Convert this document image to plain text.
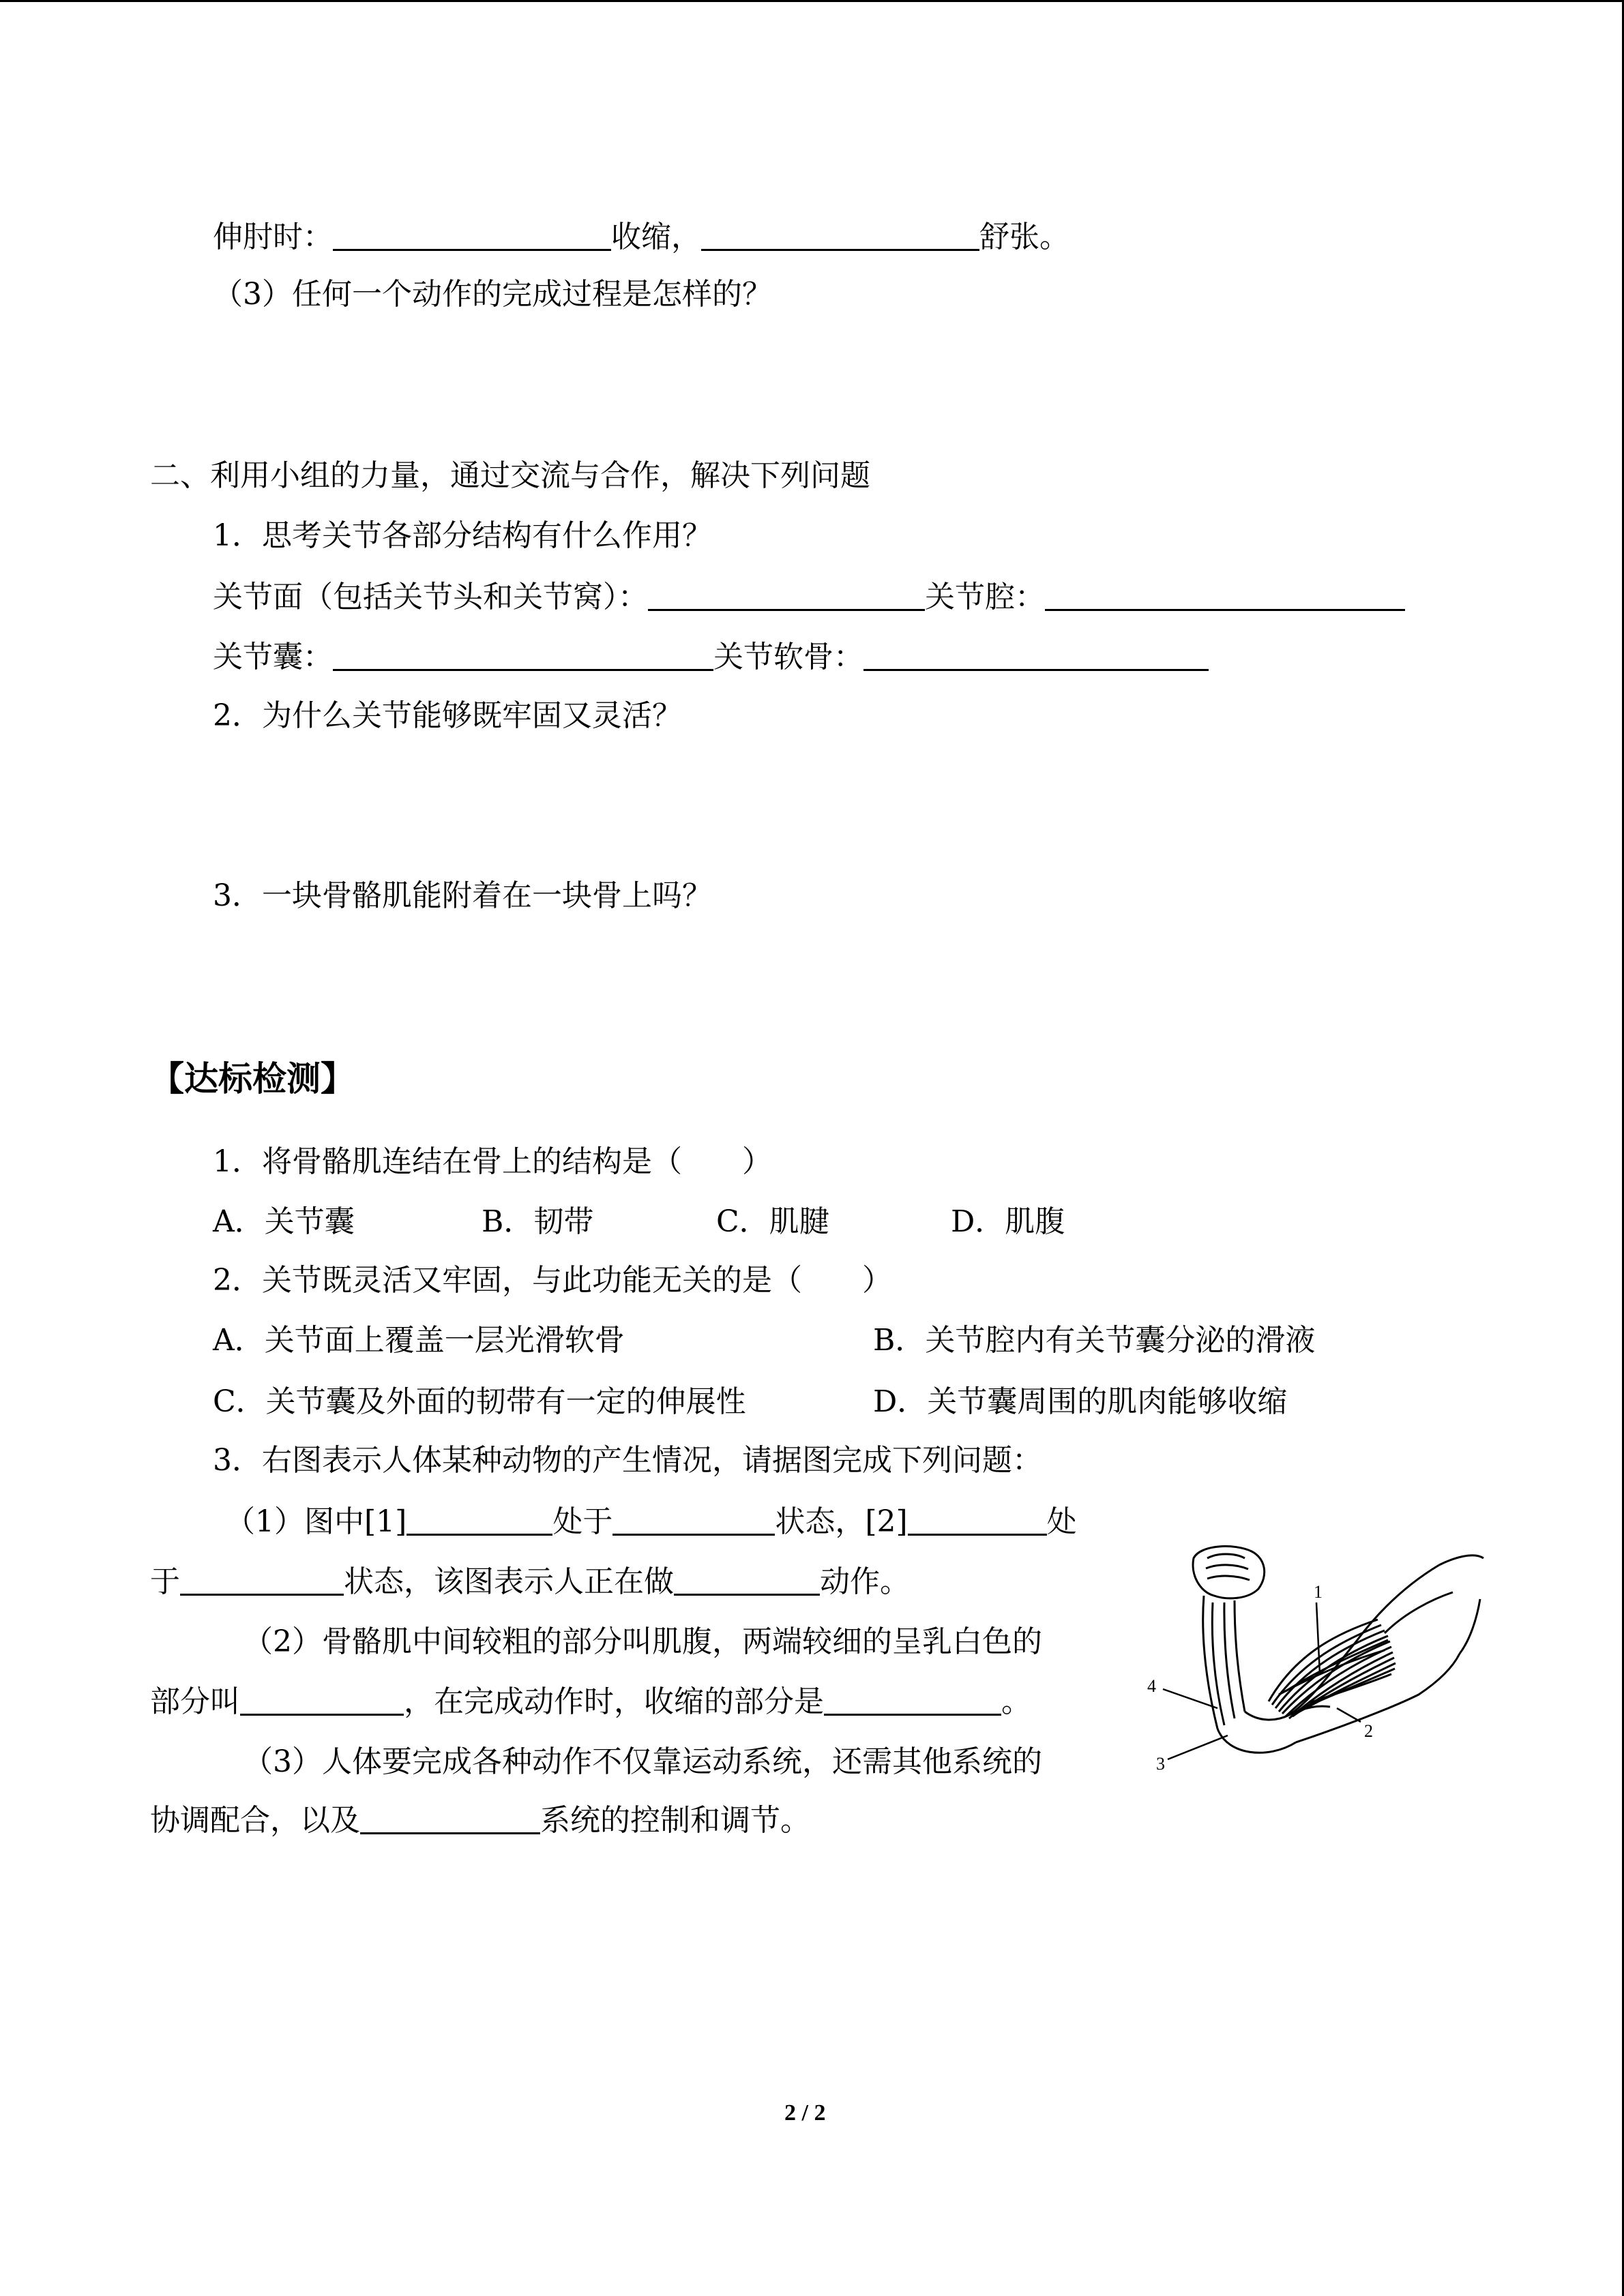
伸肘时：	收缩，	舒张。
（3）任何一个动作的完成过程是怎样的？
二、利用小组的力量，通过交流与合作，解决下列问题
1．思考关节各部分结构有什么作用？
关节面（包括关节头和关节窝）：	关节腔：
关节囊：	关节软骨：
2．为什么关节能够既牢固又灵活？
3．一块骨骼肌能附着在一块骨上吗？
【达标检测】
1．将骨骼肌连结在骨上的结构是（　　）
A．关节囊	B．韧带	C．肌腱	D．肌腹
2．关节既灵活又牢固，与此功能无关的是（　　）
A．关节面上覆盖一层光滑软骨	B．关节腔内有关节囊分泌的滑液
C．关节囊及外面的韧带有一定的伸展性	D．关节囊周围的肌肉能够收缩
3．右图表示人体某种动物的产生情况，请据图完成下列问题：
（1）图中[1]	处于	状态，[2]	处
于	状态，该图表示人正在做	动作。
（2）骨骼肌中间较粗的部分叫肌腹，两端较细的呈乳白色的
部分叫	，在完成动作时，收缩的部分是	。
（3）人体要完成各种动作不仅靠运动系统，还需其他系统的
协调配合，以及	系统的控制和调节。
1
2
3
4
2 / 2
